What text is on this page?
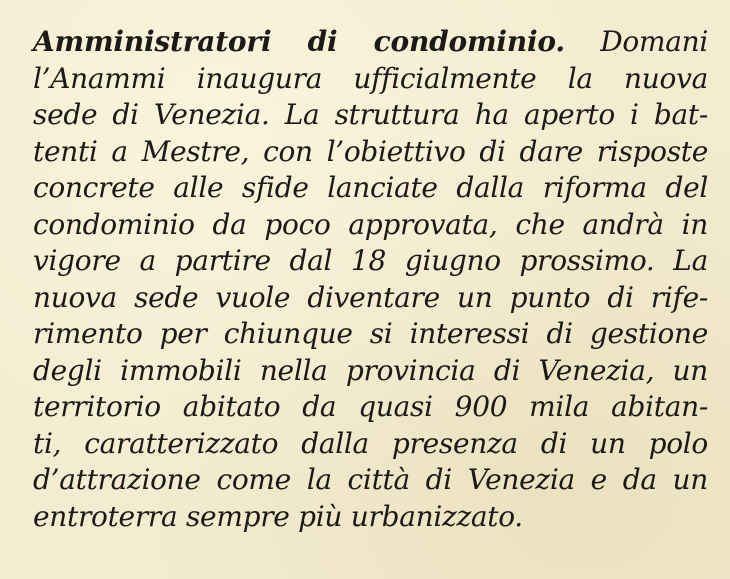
Amministratori di condominio. Domani
l’Anammi inaugura ufficialmente la nuova
sede di Venezia. La struttura ha aperto i bat-
tenti a Mestre, con l’obiettivo di dare risposte
concrete alle sfide lanciate dalla riforma del
condominio da poco approvata, che andrà in
vigore a partire dal 18 giugno prossimo. La
nuova sede vuole diventare un punto di rife-
rimento per chiunque si interessi di gestione
degli immobili nella provincia di Venezia, un
territorio abitato da quasi 900 mila abitan-
ti, caratterizzato dalla presenza di un polo
d’attrazione come la città di Venezia e da un
entroterra sempre più urbanizzato.
